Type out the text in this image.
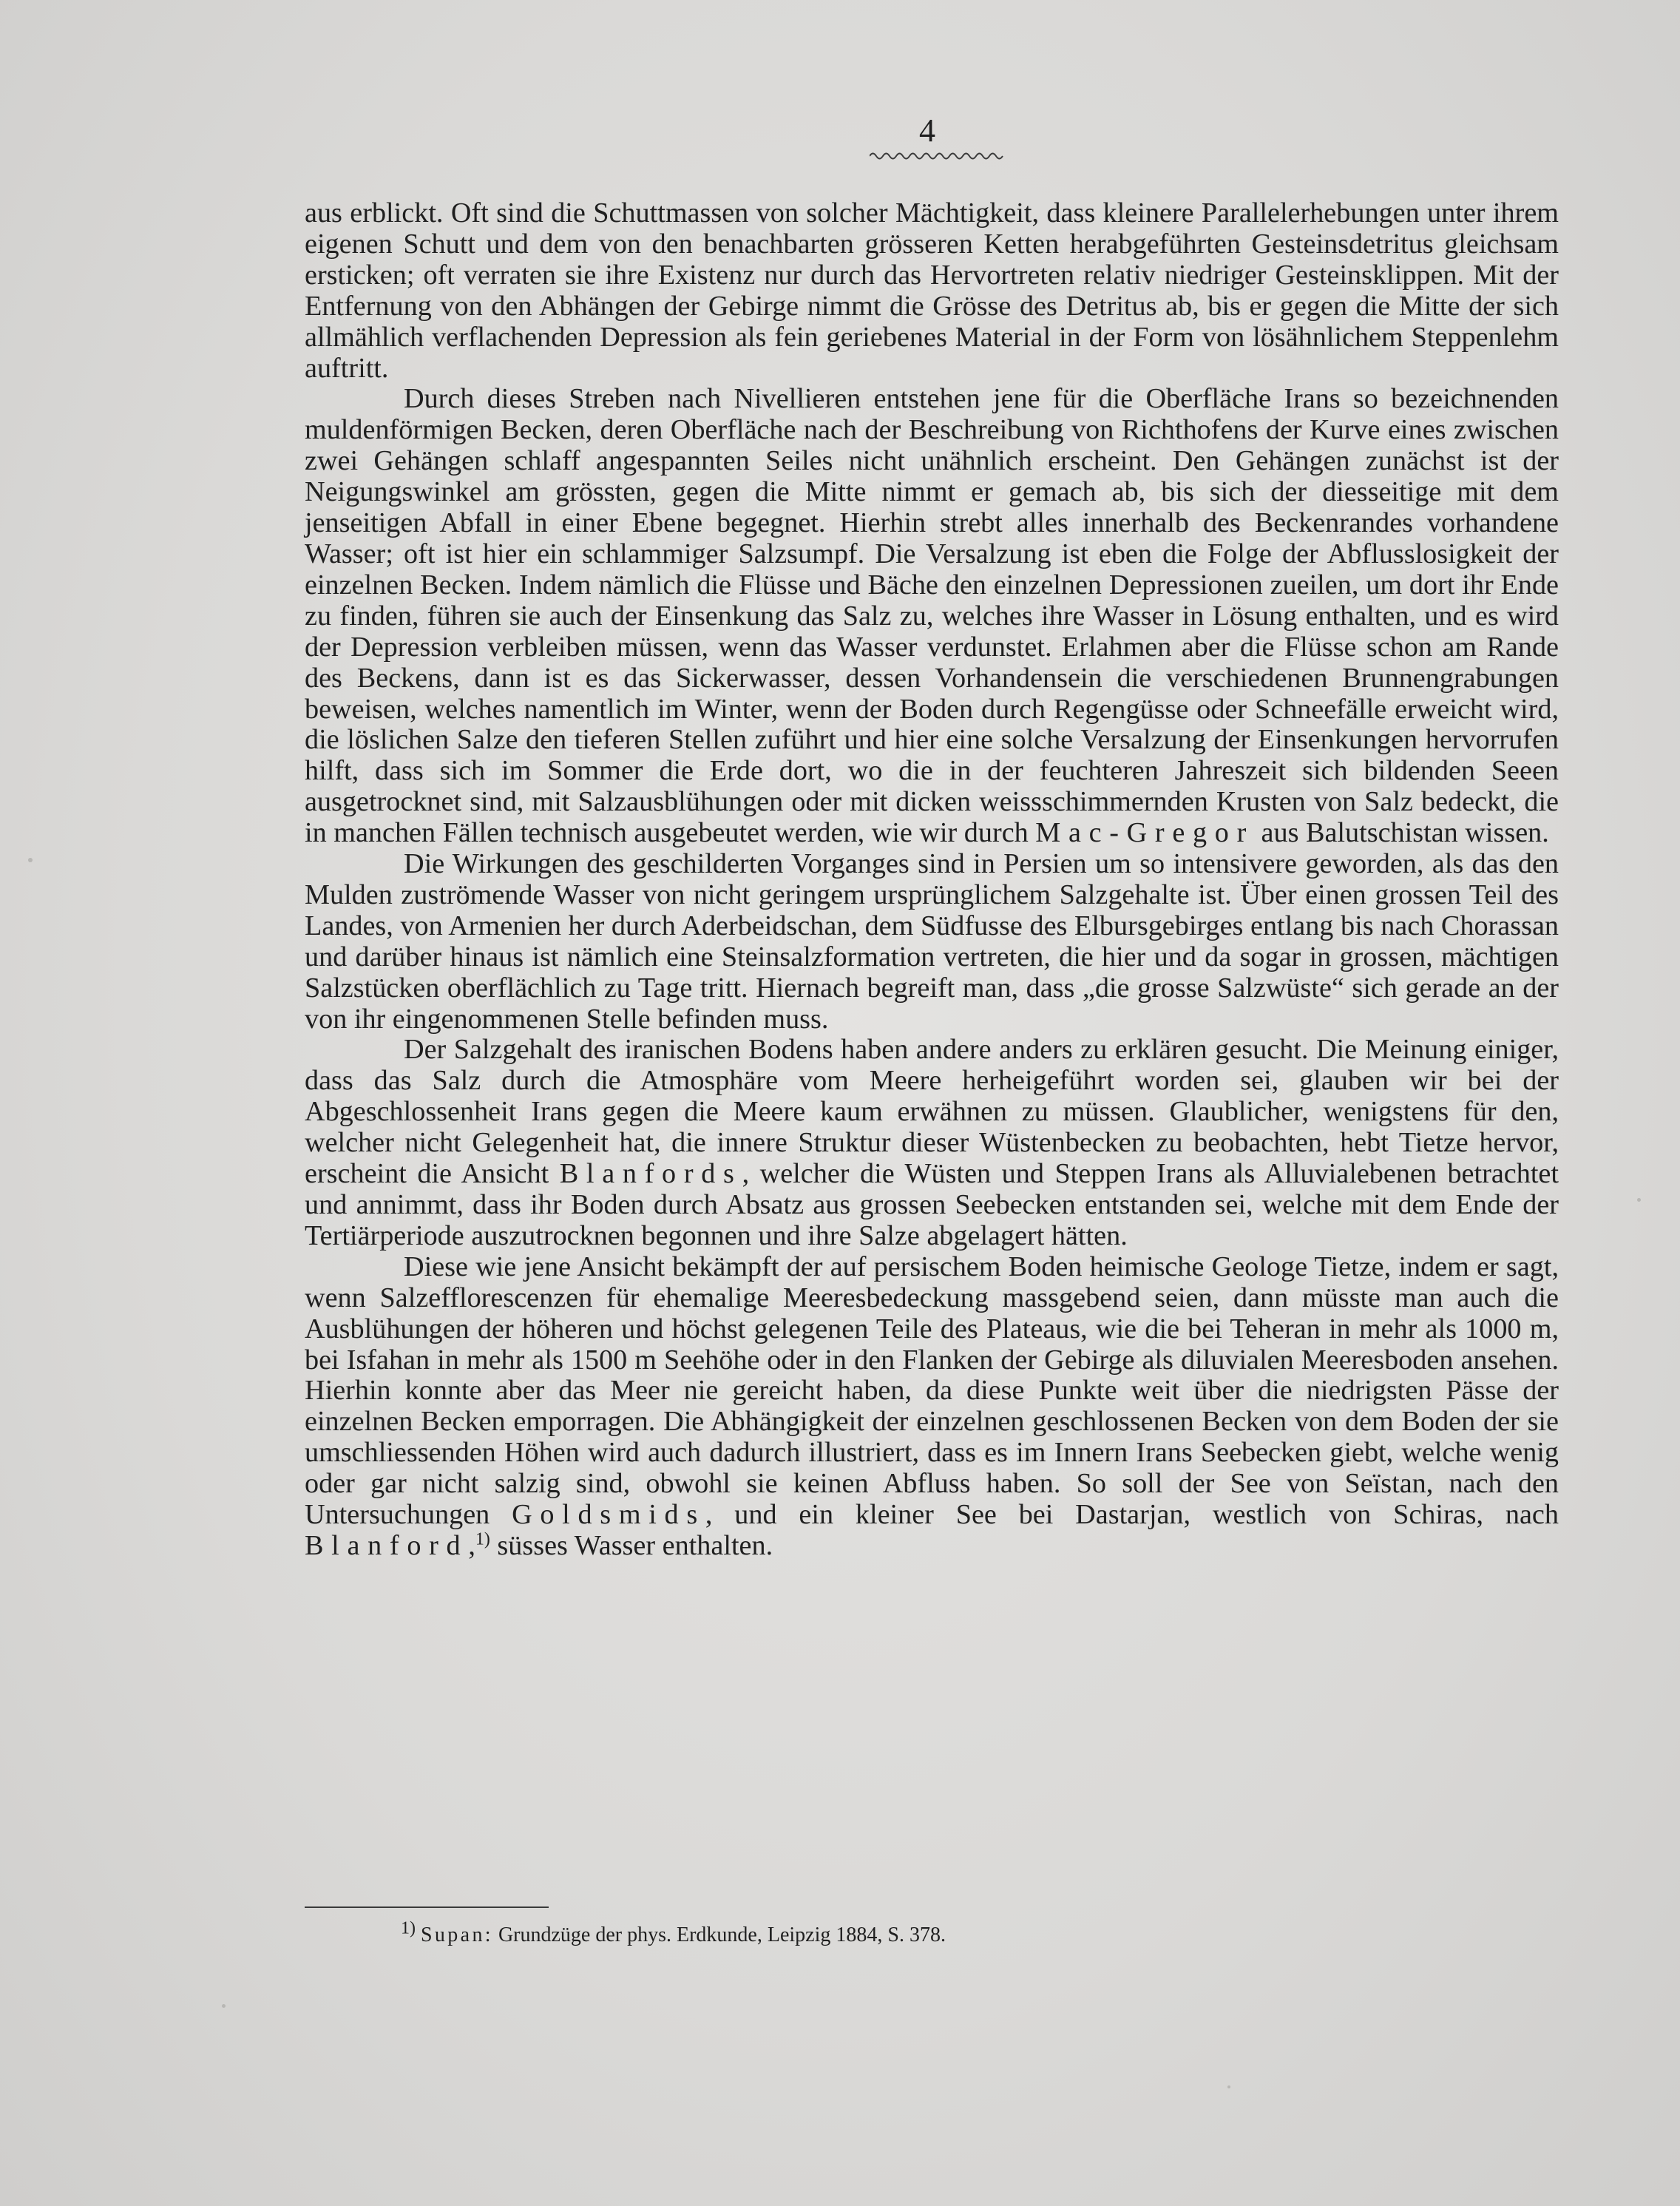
4

aus erblickt. Oft sind die Schuttmassen von solcher Mächtigkeit, dass kleinere Parallelerhebungen unter ihrem eigenen Schutt und dem von den benachbarten grösseren Ketten herabgeführten Gesteinsdetritus gleichsam ersticken; oft verraten sie ihre Existenz nur durch das Hervortreten relativ niedriger Gesteinsklippen. Mit der Entfernung von den Abhängen der Gebirge nimmt die Grösse des Detritus ab, bis er gegen die Mitte der sich allmählich verflachenden Depression als fein geriebenes Material in der Form von lösähnlichem Steppenlehm auftritt.

Durch dieses Streben nach Nivellieren entstehen jene für die Oberfläche Irans so bezeichnenden muldenförmigen Becken, deren Oberfläche nach der Beschreibung von Richthofens der Kurve eines zwischen zwei Gehängen schlaff angespannten Seiles nicht unähnlich erscheint. Den Gehängen zunächst ist der Neigungswinkel am grössten, gegen die Mitte nimmt er gemach ab, bis sich der diesseitige mit dem jenseitigen Abfall in einer Ebene begegnet. Hierhin strebt alles innerhalb des Beckenrandes vorhandene Wasser; oft ist hier ein schlammiger Salzsumpf. Die Versalzung ist eben die Folge der Abflusslosigkeit der einzelnen Becken. Indem nämlich die Flüsse und Bäche den einzelnen Depressionen zueilen, um dort ihr Ende zu finden, führen sie auch der Einsenkung das Salz zu, welches ihre Wasser in Lösung enthalten, und es wird der Depression verbleiben müssen, wenn das Wasser verdunstet. Erlahmen aber die Flüsse schon am Rande des Beckens, dann ist es das Sickerwasser, dessen Vorhandensein die verschiedenen Brunnengrabungen beweisen, welches namentlich im Winter, wenn der Boden durch Regengüsse oder Schneefälle erweicht wird, die löslichen Salze den tieferen Stellen zuführt und hier eine solche Versalzung der Einsenkungen hervorrufen hilft, dass sich im Sommer die Erde dort, wo die in der feuchteren Jahreszeit sich bildenden Seeen ausgetrocknet sind, mit Salzausblühungen oder mit dicken weissschimmernden Krusten von Salz bedeckt, die in manchen Fällen technisch ausgebeutet werden, wie wir durch Mac-Gregor aus Balutschistan wissen.

Die Wirkungen des geschilderten Vorganges sind in Persien um so intensivere geworden, als das den Mulden zuströmende Wasser von nicht geringem ursprünglichem Salzgehalte ist. Über einen grossen Teil des Landes, von Armenien her durch Aderbeidschan, dem Südfusse des Elbursgebirges entlang bis nach Chorassan und darüber hinaus ist nämlich eine Steinsalzformation vertreten, die hier und da sogar in grossen, mächtigen Salzstücken oberflächlich zu Tage tritt. Hiernach begreift man, dass „die grosse Salzwüste“ sich gerade an der von ihr eingenommenen Stelle befinden muss.

Der Salzgehalt des iranischen Bodens haben andere anders zu erklären gesucht. Die Meinung einiger, dass das Salz durch die Atmosphäre vom Meere herheigeführt worden sei, glauben wir bei der Abgeschlossenheit Irans gegen die Meere kaum erwähnen zu müssen. Glaublicher, wenigstens für den, welcher nicht Gelegenheit hat, die innere Struktur dieser Wüstenbecken zu beobachten, hebt Tietze hervor, erscheint die Ansicht Blanfords, welcher die Wüsten und Steppen Irans als Alluvialebenen betrachtet und annimmt, dass ihr Boden durch Absatz aus grossen Seebecken entstanden sei, welche mit dem Ende der Tertiärperiode auszutrocknen begonnen und ihre Salze abgelagert hätten.

Diese wie jene Ansicht bekämpft der auf persischem Boden heimische Geologe Tietze, indem er sagt, wenn Salzefflorescenzen für ehemalige Meeresbedeckung massgebend seien, dann müsste man auch die Ausblühungen der höheren und höchst gelegenen Teile des Plateaus, wie die bei Teheran in mehr als 1000 m, bei Isfahan in mehr als 1500 m Seehöhe oder in den Flanken der Gebirge als diluvialen Meeresboden ansehen. Hierhin konnte aber das Meer nie gereicht haben, da diese Punkte weit über die niedrigsten Pässe der einzelnen Becken emporragen. Die Abhängigkeit der einzelnen geschlossenen Becken von dem Boden der sie umschliessenden Höhen wird auch dadurch illustriert, dass es im Innern Irans Seebecken giebt, welche wenig oder gar nicht salzig sind, obwohl sie keinen Abfluss haben. So soll der See von Seïstan, nach den Untersuchungen Goldsmids, und ein kleiner See bei Dastarjan, westlich von Schiras, nach Blanford,$^{1)}$ süsses Wasser enthalten.

$^{1)}$ Supan: Grundzüge der phys. Erdkunde, Leipzig 1884, S. 378.
